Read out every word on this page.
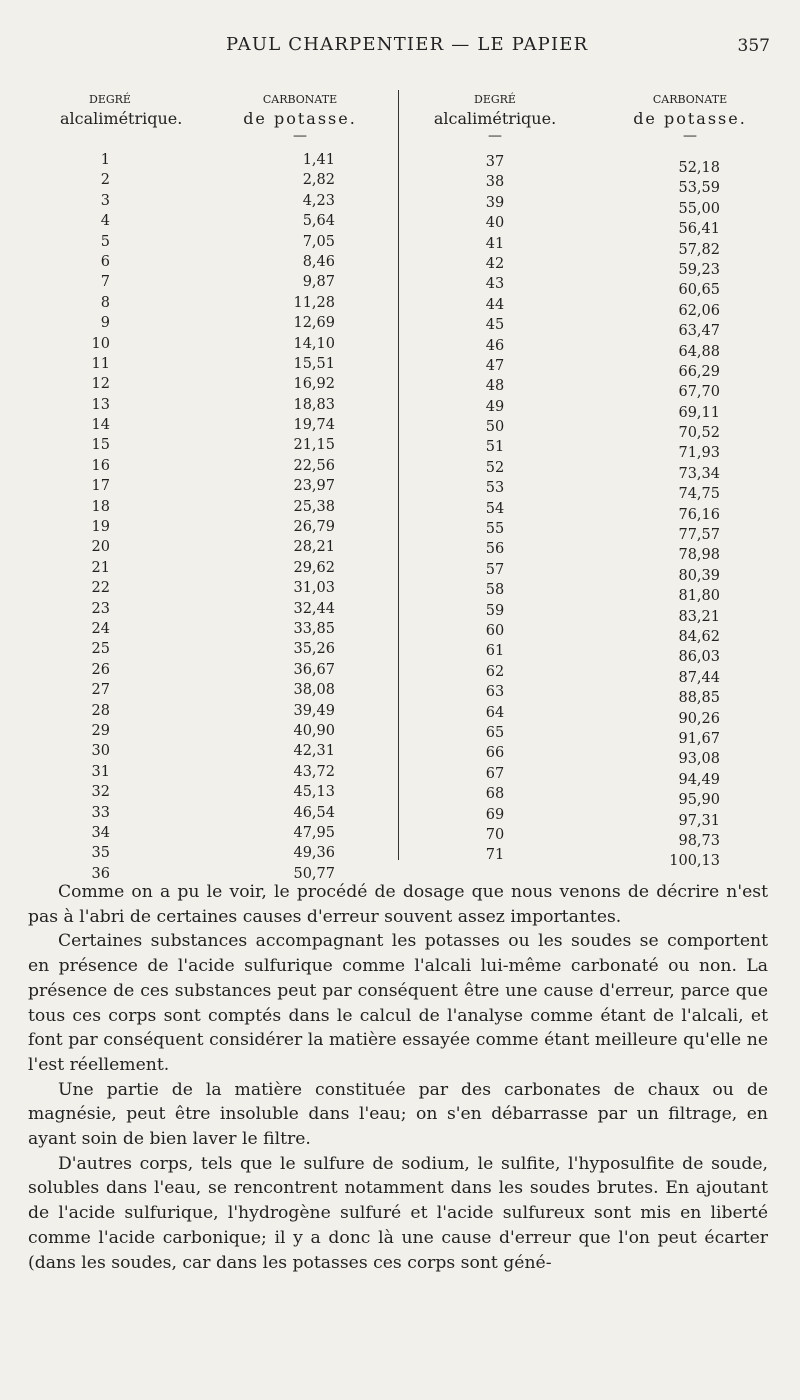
PAUL CHARPENTIER — LE PAPIER	357
DEGRÉ
alcalimétrique.
CARBONATE
de potasse.
—
DEGRÉ
alcalimétrique.
—
CARBONATE
de potasse.
—
1
2
3
4
5
6
7
8
9
10
11
12
13
14
15
16
17
18
19
20
21
22
23
24
25
26
27
28
29
30
31
32
33
34
35
36
1,41
2,82
4,23
5,64
7,05
8,46
9,87
11,28
12,69
14,10
15,51
16,92
18,83
19,74
21,15
22,56
23,97
25,38
26,79
28,21
29,62
31,03
32,44
33,85
35,26
36,67
38,08
39,49
40,90
42,31
43,72
45,13
46,54
47,95
49,36
50,77
37
38
39
40
41
42
43
44
45
46
47
48
49
50
51
52
53
54
55
56
57
58
59
60
61
62
63
64
65
66
67
68
69
70
71
52,18
53,59
55,00
56,41
57,82
59,23
60,65
62,06
63,47
64,88
66,29
67,70
69,11
70,52
71,93
73,34
74,75
76,16
77,57
78,98
80,39
81,80
83,21
84,62
86,03
87,44
88,85
90,26
91,67
93,08
94,49
95,90
97,31
98,73
100,13

Comme on a pu le voir, le procédé de dosage que nous venons de décrire n'est pas à l'abri de certaines causes d'erreur souvent assez importantes.

Certaines substances accompagnant les potasses ou les soudes se comportent en présence de l'acide sulfurique comme l'alcali lui-même carbonaté ou non. La présence de ces substances peut par conséquent être une cause d'erreur, parce que tous ces corps sont comptés dans le calcul de l'analyse comme étant de l'alcali, et font par conséquent considérer la matière essayée comme étant meilleure qu'elle ne l'est réellement.

Une partie de la matière constituée par des carbonates de chaux ou de magnésie, peut être insoluble dans l'eau; on s'en débarrasse par un filtrage, en ayant soin de bien laver le filtre.

D'autres corps, tels que le sulfure de sodium, le sulfite, l'hyposulfite de soude, solubles dans l'eau, se rencontrent notamment dans les soudes brutes. En ajoutant de l'acide sulfurique, l'hydrogène sulfuré et l'acide sulfureux sont mis en liberté comme l'acide carbonique; il y a donc là une cause d'erreur que l'on peut écarter (dans les soudes, car dans les potasses ces corps sont géné-
